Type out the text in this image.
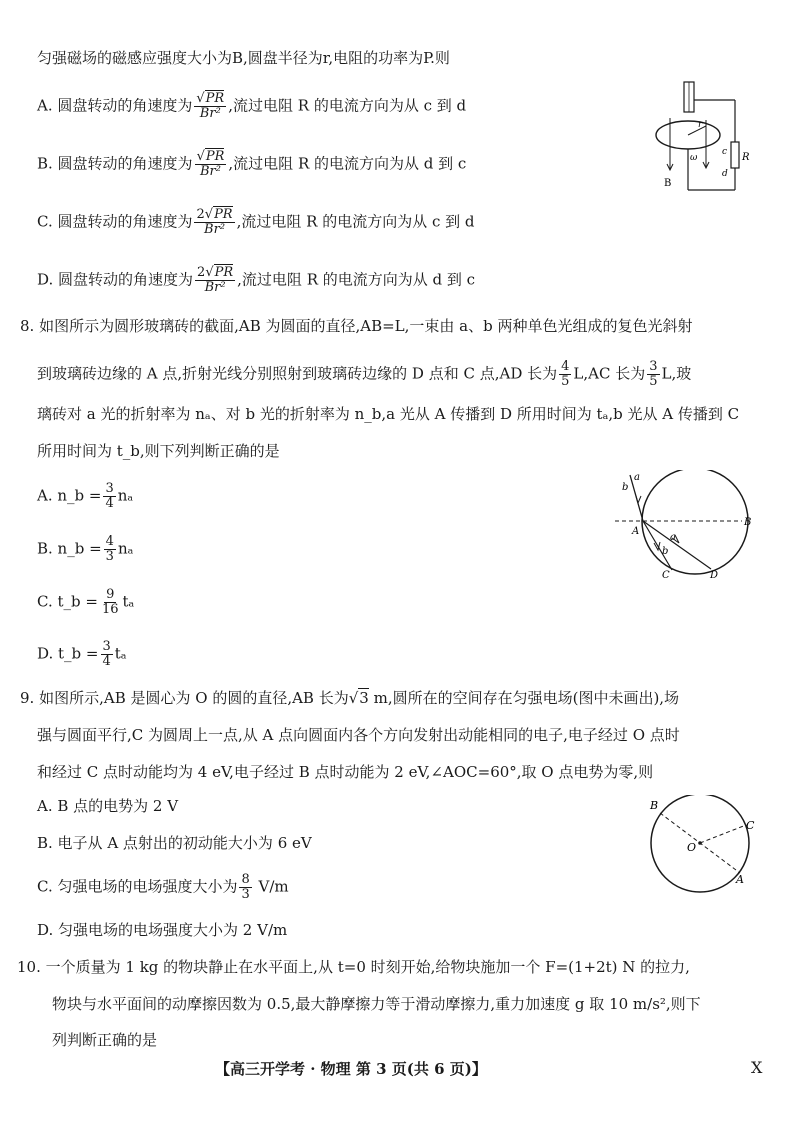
匀强磁场的磁感应强度大小为B,圆盘半径为r,电阻的功率为P.则
A. 圆盘转动的角速度为 $\frac{√PR}{\text{Br²}}$ ,流过电阻 R 的电流方向为从 c 到 d
B. 圆盘转动的角速度为 $\frac{√PR}{\text{Br²}}$ ,流过电阻 R 的电流方向为从 d 到 c
C. 圆盘转动的角速度为 $\frac{2√PR}{\text{Br²}}$ ,流过电阻 R 的电流方向为从 c 到 d
D. 圆盘转动的角速度为 $\frac{2√PR}{\text{Br²}}$ ,流过电阻 R 的电流方向为从 d 到 c
r
ω
B
R
c
d
8. 如图所示为圆形玻璃砖的截面,AB 为圆面的直径,AB=L,一束由 a、b 两种单色光组成的复色光斜射
到玻璃砖边缘的 A 点,折射光线分别照射到玻璃砖边缘的 D 点和 C 点,AD 长为 $\frac{4}{5} L,AC$ 长为 $\frac{3}{5} L$,玻
璃砖对 a 光的折射率为 nₐ、对 b 光的折射率为 n_b,a 光从 A 传播到 D 所用时间为 tₐ,b 光从 A 传播到 C
所用时间为 t_b,则下列判断正确的是
A. n_b = $\frac{3}{4}$ nₐ
B. n_b = $\frac{4}{3}$ nₐ
C. t_b = $\frac{9}{16}$ tₐ
D. t_b = $\frac{3}{4}$ tₐ
a
b
A
B
a
b
C	D
9. 如图所示,AB 是圆心为 O 的圆的直径,AB 长为√3 m,圆所在的空间存在匀强电场(图中未画出),场
强与圆面平行,C 为圆周上一点,从 A 点向圆面内各个方向发射出动能相同的电子,电子经过 O 点时
和经过 C 点时动能均为 4 eV,电子经过 B 点时动能为 2 eV,∠AOC=60°,取 O 点电势为零,则
A. B 点的电势为 2 V
B. 电子从 A 点射出的初动能大小为 6 eV
C. 匀强电场的电场强度大小为 $\frac{8}{3} V/m$
D. 匀强电场的电场强度大小为 2 V/m
B
C
O
A
10. 一个质量为 1 kg 的物块静止在水平面上,从 t=0 时刻开始,给物块施加一个 F=(1+2t) N 的拉力,
物块与水平面间的动摩擦因数为 0.5,最大静摩擦力等于滑动摩擦力,重力加速度 g 取 10 m/s²,则下
列判断正确的是
【高三开学考 · 物理 第 3 页(共 6 页)】	X
